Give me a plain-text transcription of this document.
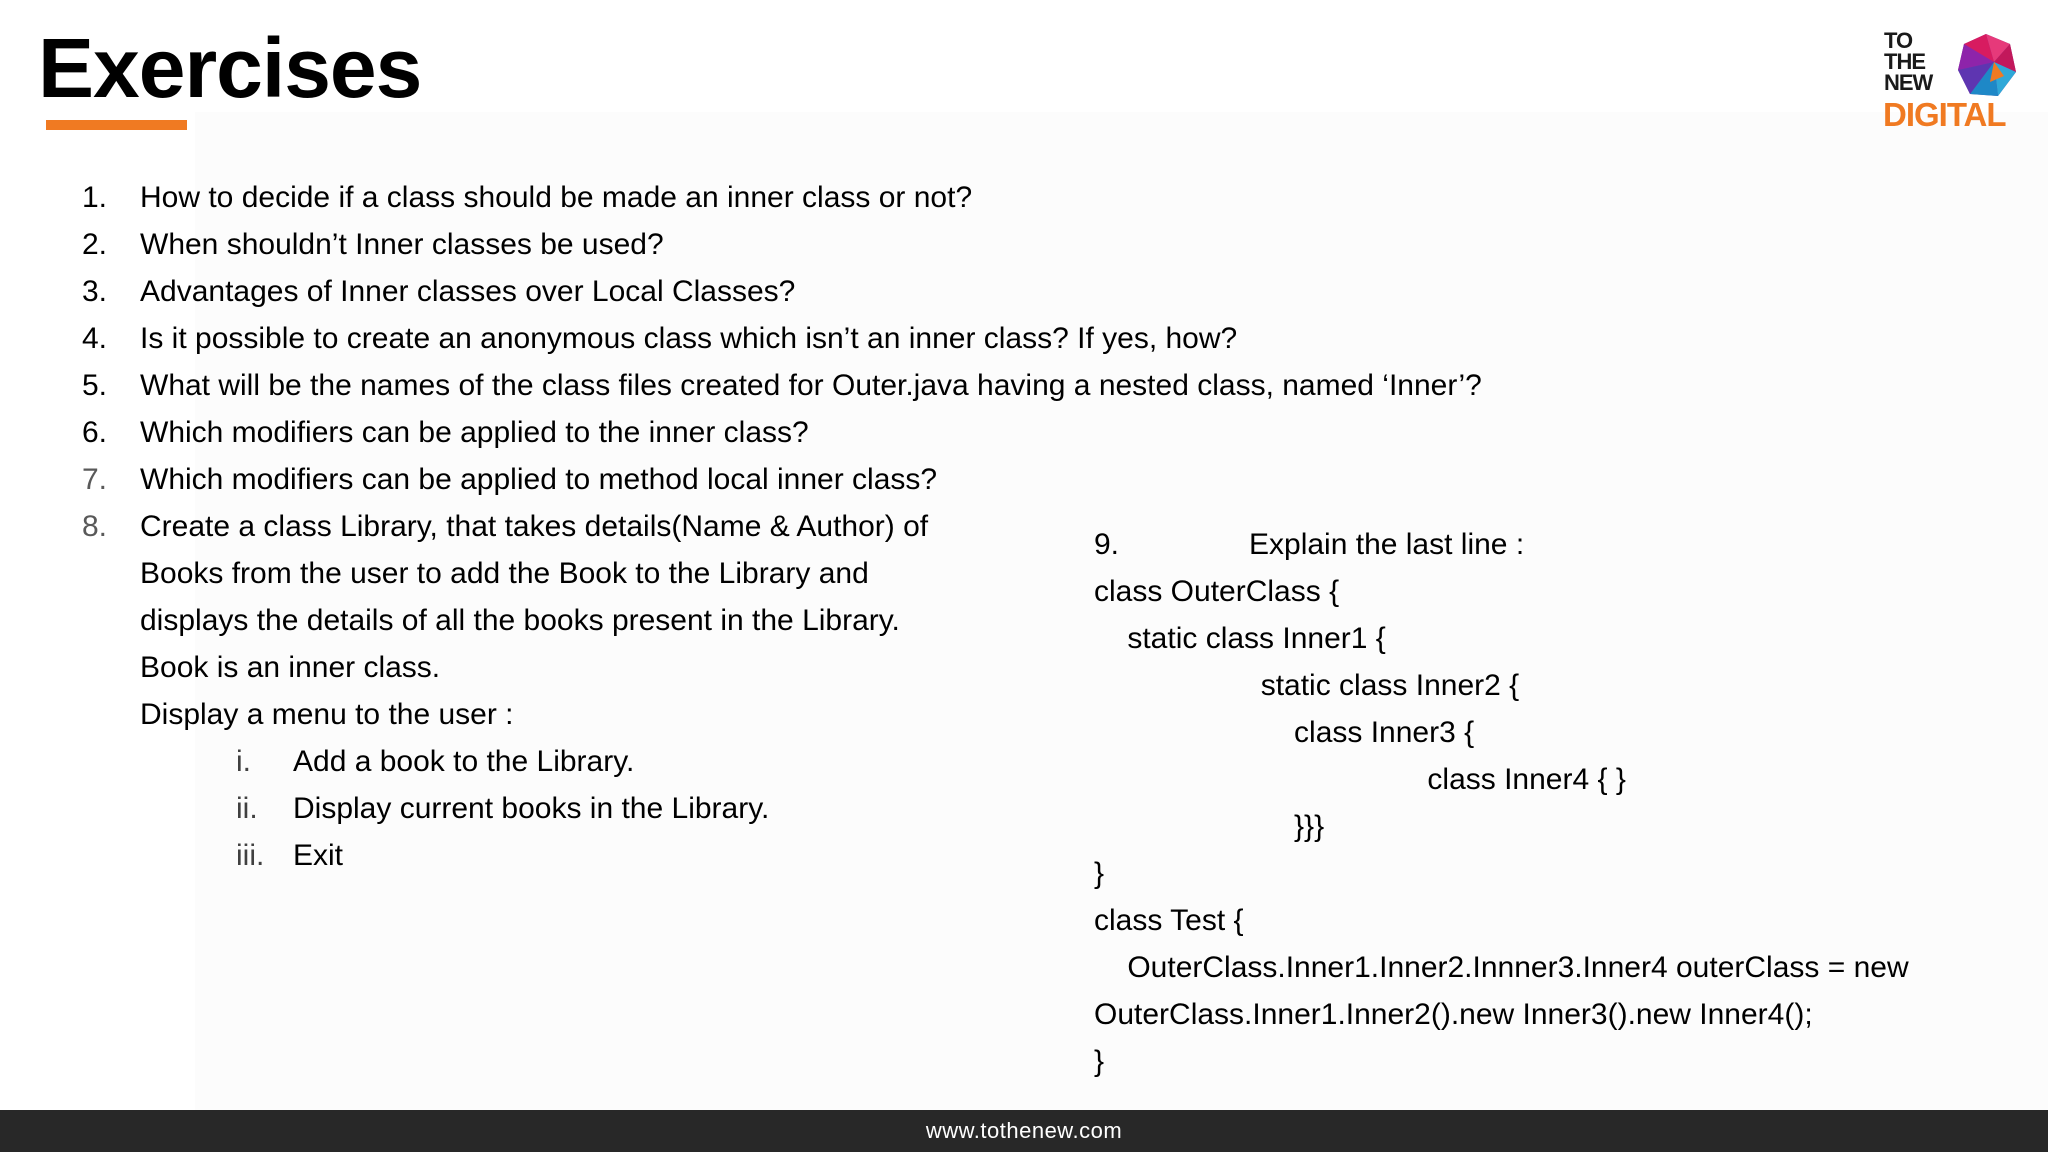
Exercises	TO
THE
NEW
DIGITAL
1. How to decide if a class should be made an inner class or not?
2. When shouldn’t Inner classes be used?
3. Advantages of Inner classes over Local Classes?
4. Is it possible to create an anonymous class which isn’t an inner class? If yes, how?
5. What will be the names of the class files created for Outer.java having a nested class, named ‘Inner’?
6. Which modifiers can be applied to the inner class?
7. Which modifiers can be applied to method local inner class?
8. Create a class Library, that takes details(Name & Author) of
Books from the user to add the Book to the Library and
displays the details of all the books present in the Library.
Book is an inner class.
Display a menu to the user :
i. Add a book to the Library.
ii. Display current books in the Library.
iii. Exit
9.	Explain the last line :
class OuterClass {
static class Inner1 {
static class Inner2 {
class Inner3 {
class Inner4 { }
}}}
}
class Test {
OuterClass.Inner1.Inner2.Innner3.Inner4 outerClass = new
OuterClass.Inner1.Inner2().new Inner3().new Inner4();
}
www.tothenew.com
